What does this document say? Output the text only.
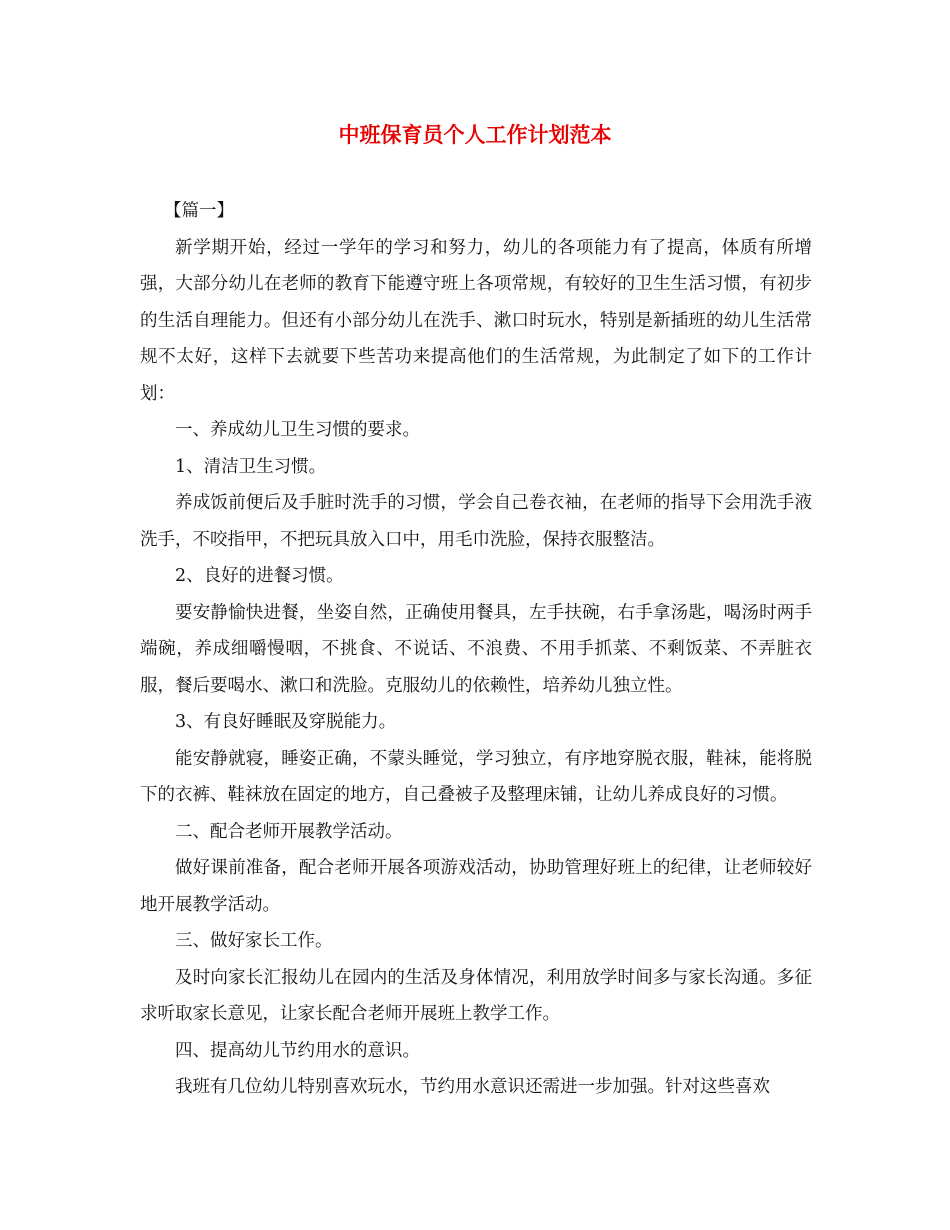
中班保育员个人工作计划范本

【篇一】

新学期开始，经过一学年的学习和努力，幼儿的各项能力有了提高，体质有所增强，大部分幼儿在老师的教育下能遵守班上各项常规，有较好的卫生生活习惯，有初步的生活自理能力。但还有小部分幼儿在洗手、漱口时玩水，特别是新插班的幼儿生活常规不太好，这样下去就要下些苦功来提高他们的生活常规，为此制定了如下的工作计划：

一、养成幼儿卫生习惯的要求。

1、清洁卫生习惯。

养成饭前便后及手脏时洗手的习惯，学会自己卷衣袖，在老师的指导下会用洗手液洗手，不咬指甲，不把玩具放入口中，用毛巾洗脸，保持衣服整洁。

2、良好的进餐习惯。

要安静愉快进餐，坐姿自然，正确使用餐具，左手扶碗，右手拿汤匙，喝汤时两手端碗，养成细嚼慢咽，不挑食、不说话、不浪费、不用手抓菜、不剩饭菜、不弄脏衣服，餐后要喝水、漱口和洗脸。克服幼儿的依赖性，培养幼儿独立性。

3、有良好睡眠及穿脱能力。

能安静就寝，睡姿正确，不蒙头睡觉，学习独立，有序地穿脱衣服，鞋袜，能将脱下的衣裤、鞋袜放在固定的地方，自己叠被子及整理床铺，让幼儿养成良好的习惯。

二、配合老师开展教学活动。

做好课前准备，配合老师开展各项游戏活动，协助管理好班上的纪律，让老师较好地开展教学活动。

三、做好家长工作。

及时向家长汇报幼儿在园内的生活及身体情况，利用放学时间多与家长沟通。多征求听取家长意见，让家长配合老师开展班上教学工作。

四、提高幼儿节约用水的意识。

我班有几位幼儿特别喜欢玩水，节约用水意识还需进一步加强。针对这些喜欢
